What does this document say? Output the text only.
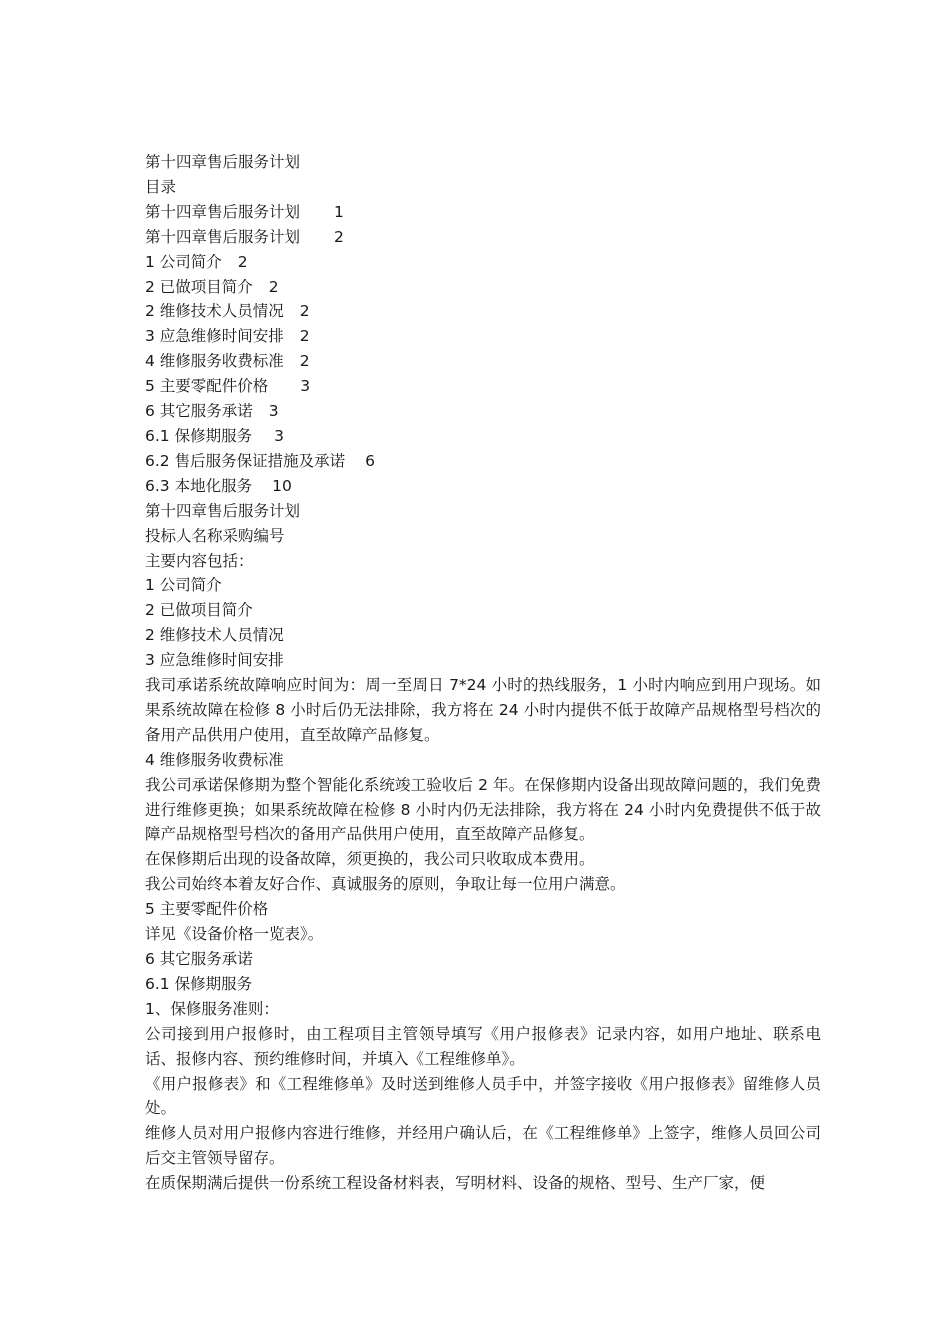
第十四章售后服务计划
目录
第十四章售后服务计划 1
第十四章售后服务计划 2
1 公司简介 2
2 已做项目简介 2
2 维修技术人员情况 2
3 应急维修时间安排 2
4 维修服务收费标准 2
5 主要零配件价格 3
6 其它服务承诺 3
6.1 保修期服务 3
6.2 售后服务保证措施及承诺 6
6.3 本地化服务 10
第十四章售后服务计划
投标人名称采购编号
主要内容包括：
1 公司简介
2 已做项目简介
2 维修技术人员情况
3 应急维修时间安排
我司承诺系统故障响应时间为：周一至周日 7*24 小时的热线服务，1 小时内响应到用户现场。如果系统故障在检修 8 小时后仍无法排除，我方将在 24 小时内提供不低于故障产品规格型号档次的备用产品供用户使用，直至故障产品修复。
4 维修服务收费标准
我公司承诺保修期为整个智能化系统竣工验收后 2 年。在保修期内设备出现故障问题的，我们免费进行维修更换；如果系统故障在检修 8 小时内仍无法排除，我方将在 24 小时内免费提供不低于故障产品规格型号档次的备用产品供用户使用，直至故障产品修复。
在保修期后出现的设备故障，须更换的，我公司只收取成本费用。
我公司始终本着友好合作、真诚服务的原则，争取让每一位用户满意。
5 主要零配件价格
详见《设备价格一览表》。
6 其它服务承诺
6.1 保修期服务
1、保修服务准则：
公司接到用户报修时，由工程项目主管领导填写《用户报修表》记录内容，如用户地址、联系电话、报修内容、预约维修时间，并填入《工程维修单》。
《用户报修表》和《工程维修单》及时送到维修人员手中，并签字接收《用户报修表》留维修人员处。
维修人员对用户报修内容进行维修，并经用户确认后，在《工程维修单》上签字，维修人员回公司后交主管领导留存。
在质保期满后提供一份系统工程设备材料表，写明材料、设备的规格、型号、生产厂家，便
